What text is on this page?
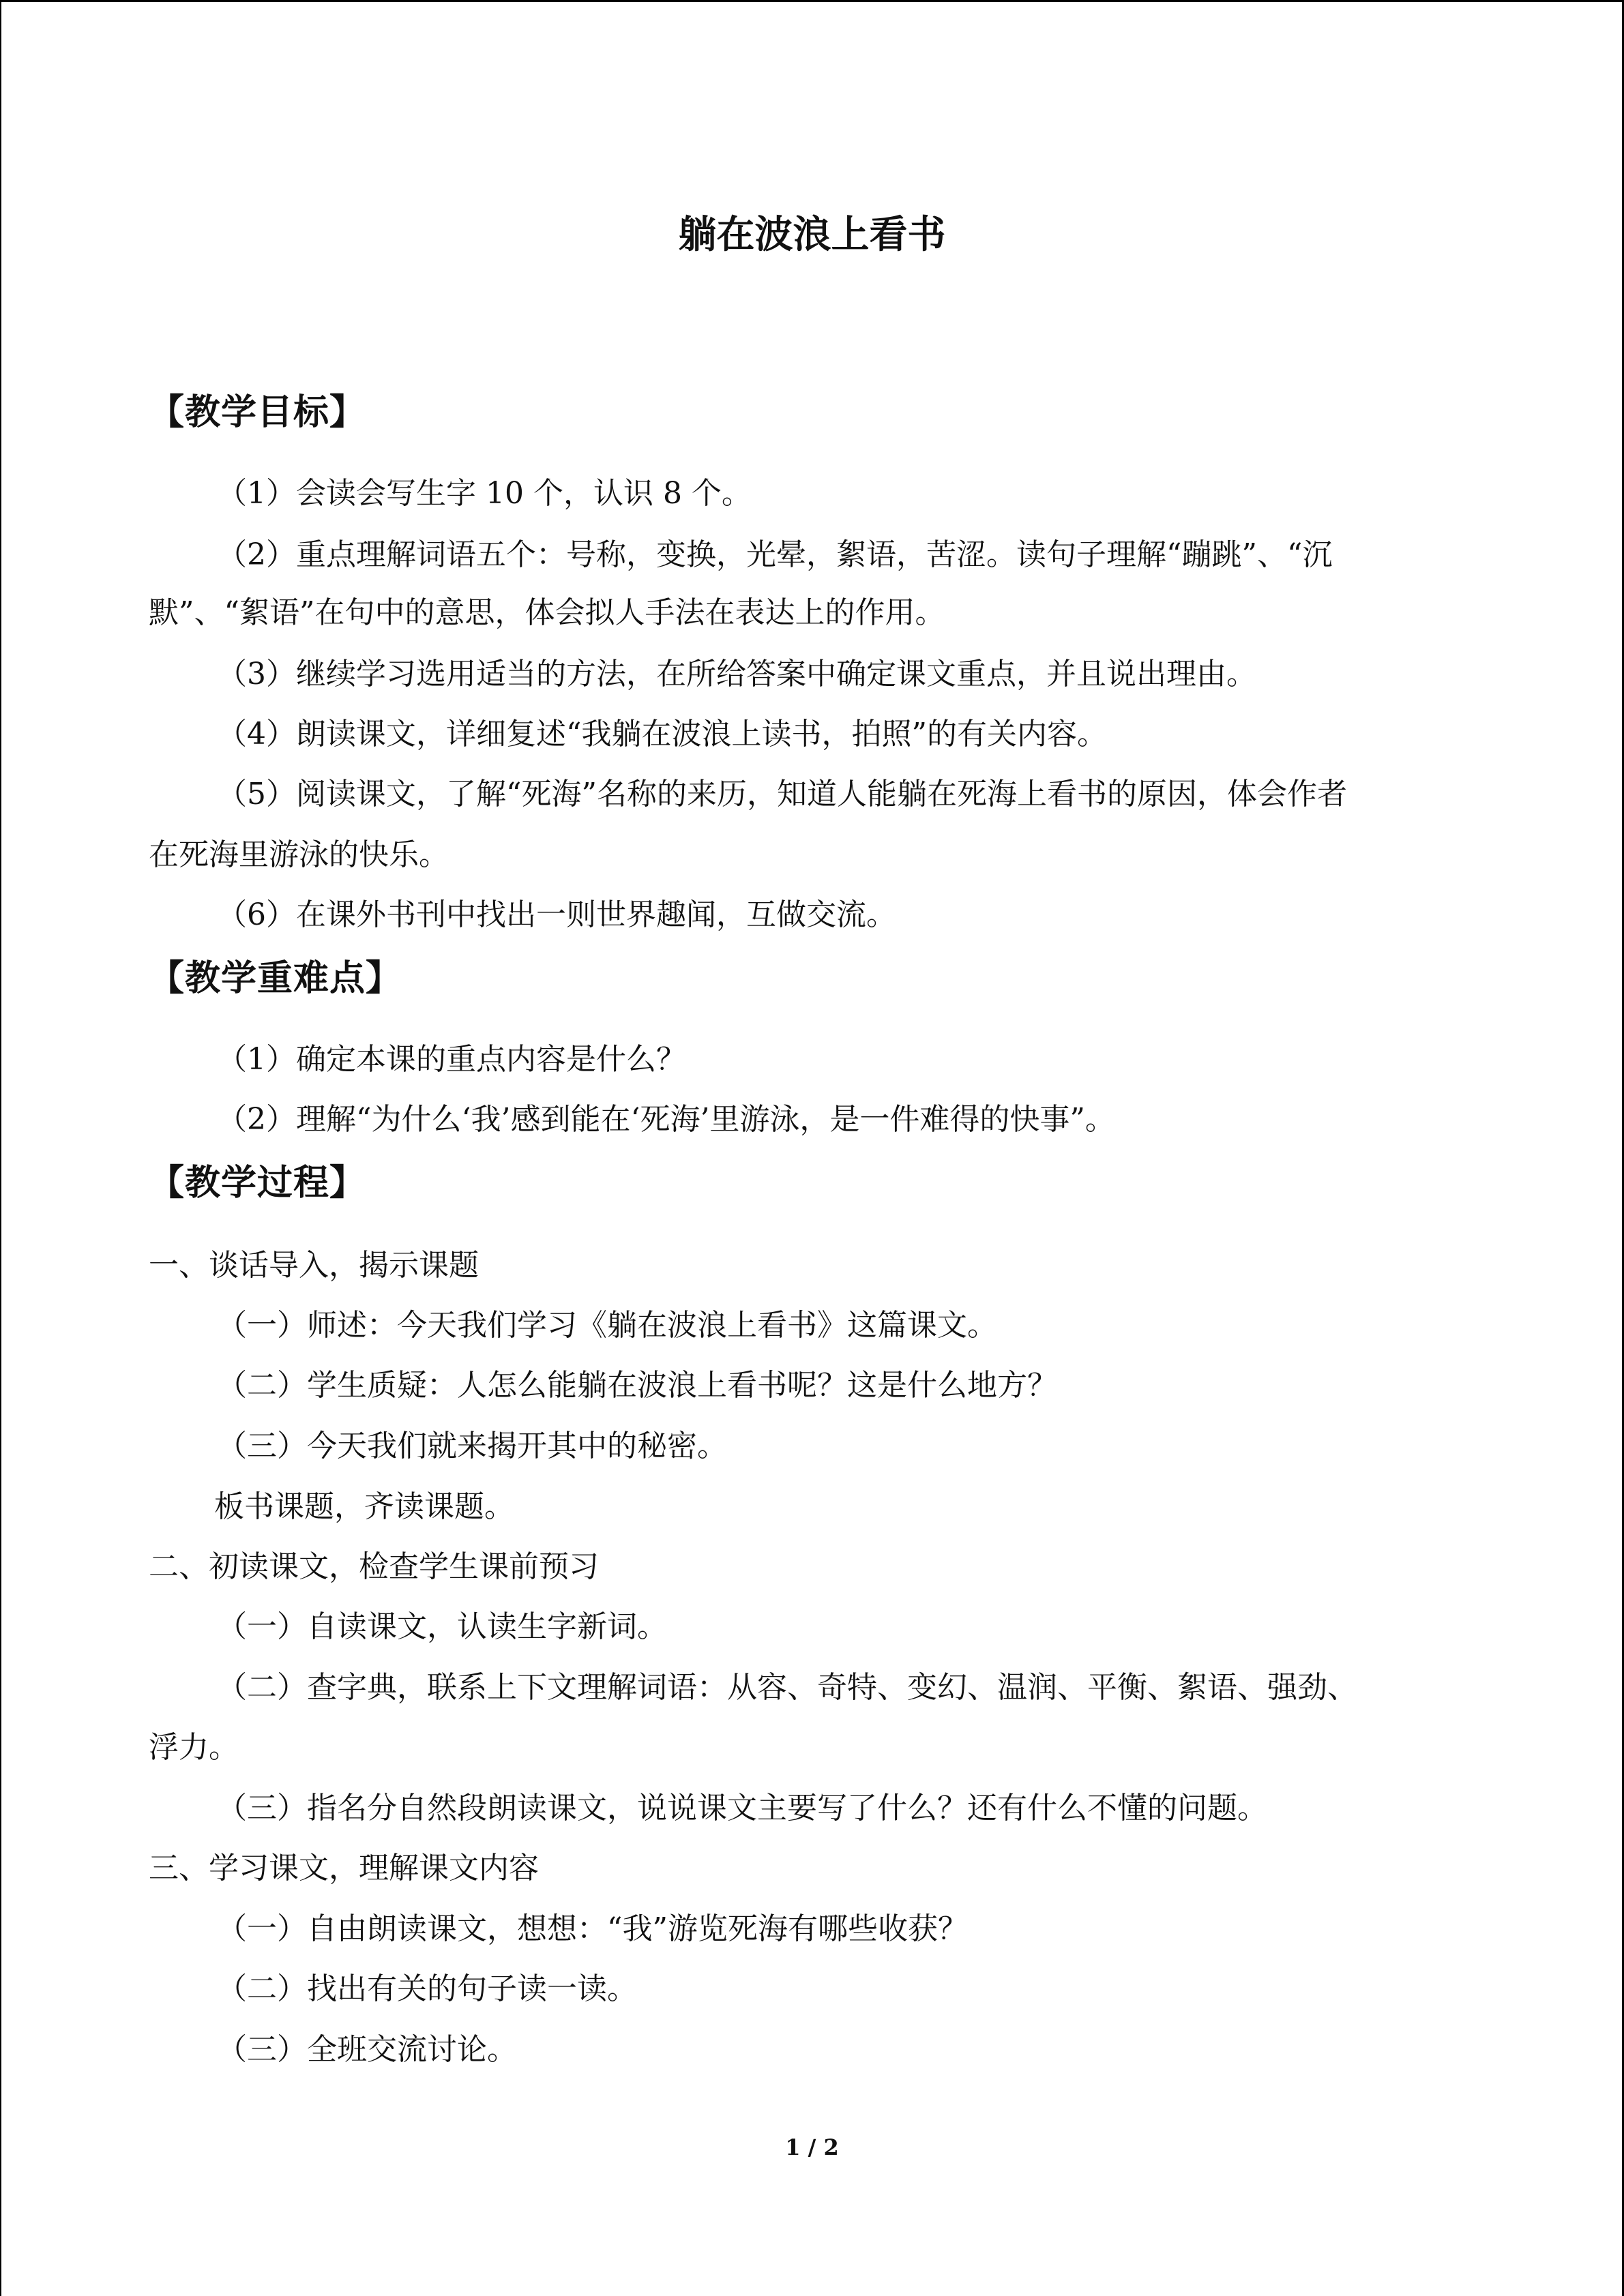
躺在波浪上看书
【教学目标】
（1）会读会写生字 10 个，认识 8 个。
（2）重点理解词语五个：号称，变换，光晕，絮语，苦涩。读句子理解“蹦跳”、“沉
默”、“絮语”在句中的意思，体会拟人手法在表达上的作用。
（3）继续学习选用适当的方法，在所给答案中确定课文重点，并且说出理由。
（4）朗读课文，详细复述“我躺在波浪上读书，拍照”的有关内容。
（5）阅读课文，了解“死海”名称的来历，知道人能躺在死海上看书的原因，体会作者
在死海里游泳的快乐。
（6）在课外书刊中找出一则世界趣闻，互做交流。
【教学重难点】
（1）确定本课的重点内容是什么？
（2）理解“为什么‘我’感到能在‘死海’里游泳，是一件难得的快事”。
【教学过程】
一、谈话导入，揭示课题
（一）师述：今天我们学习《躺在波浪上看书》这篇课文。
（二）学生质疑：人怎么能躺在波浪上看书呢？这是什么地方？
（三）今天我们就来揭开其中的秘密。
板书课题，齐读课题。
二、初读课文，检查学生课前预习
（一）自读课文，认读生字新词。
（二）查字典，联系上下文理解词语：从容、奇特、变幻、温润、平衡、絮语、强劲、
浮力。
（三）指名分自然段朗读课文，说说课文主要写了什么？还有什么不懂的问题。
三、学习课文，理解课文内容
（一）自由朗读课文，想想：“我”游览死海有哪些收获？
（二）找出有关的句子读一读。
（三）全班交流讨论。
1 / 2
